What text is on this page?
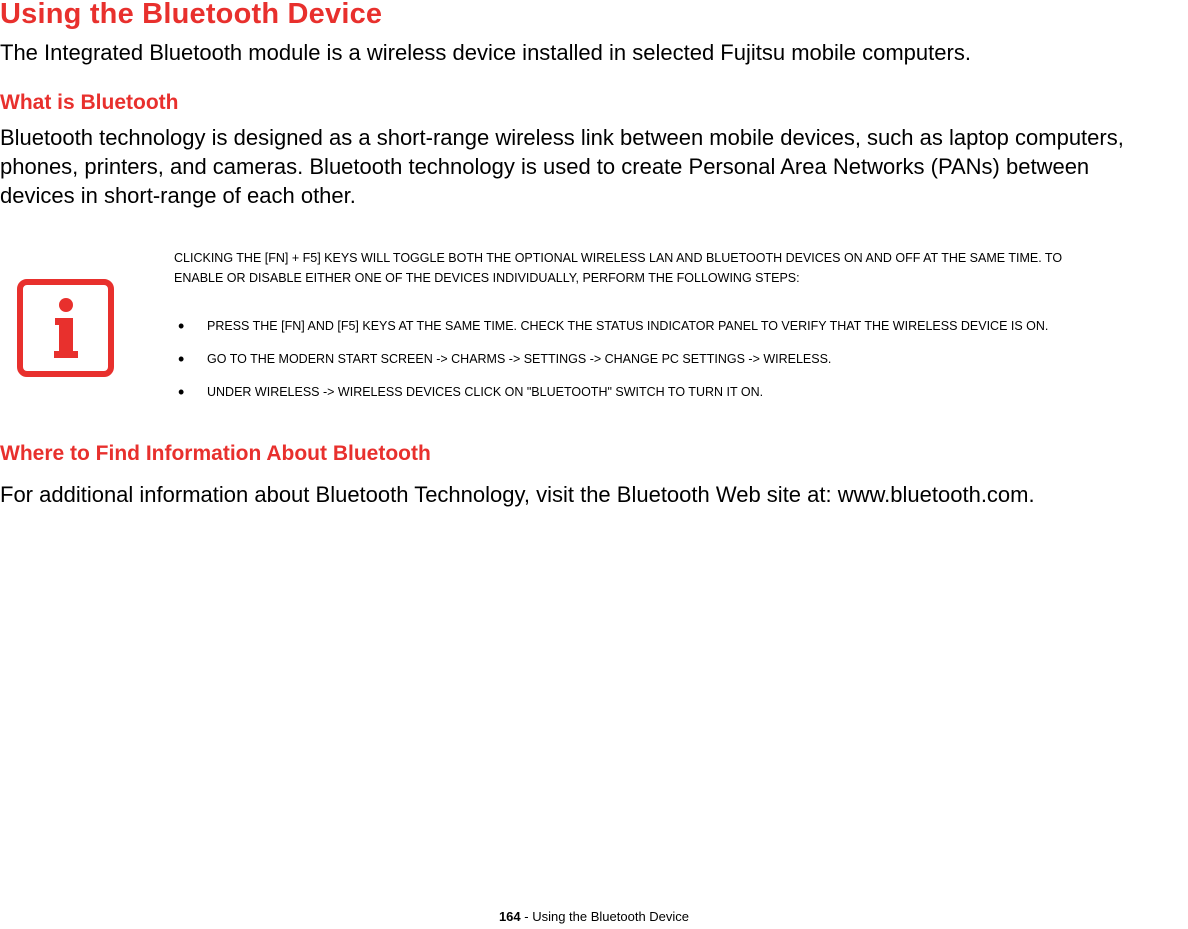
Using the Bluetooth Device

The Integrated Bluetooth module is a wireless device installed in selected Fujitsu mobile computers.

What is Bluetooth

Bluetooth technology is designed as a short-range wireless link between mobile devices, such as laptop computers,
phones, printers, and cameras. Bluetooth technology is used to create Personal Area Networks (PANs) between
devices in short-range of each other.

CLICKING THE [FN] + F5] KEYS WILL TOGGLE BOTH THE OPTIONAL WIRELESS LAN AND BLUETOOTH DEVICES ON AND OFF AT THE SAME TIME. TO
ENABLE OR DISABLE EITHER ONE OF THE DEVICES INDIVIDUALLY, PERFORM THE FOLLOWING STEPS:
• PRESS THE [FN] AND [F5] KEYS AT THE SAME TIME. CHECK THE STATUS INDICATOR PANEL TO VERIFY THAT THE WIRELESS DEVICE IS ON.
• GO TO THE MODERN START SCREEN -> CHARMS -> SETTINGS -> CHANGE PC SETTINGS -> WIRELESS.
• UNDER WIRELESS -> WIRELESS DEVICES CLICK ON "BLUETOOTH" SWITCH TO TURN IT ON.
Where to Find Information About Bluetooth

For additional information about Bluetooth Technology, visit the Bluetooth Web site at: www.bluetooth.com.

164 - Using the Bluetooth Device
